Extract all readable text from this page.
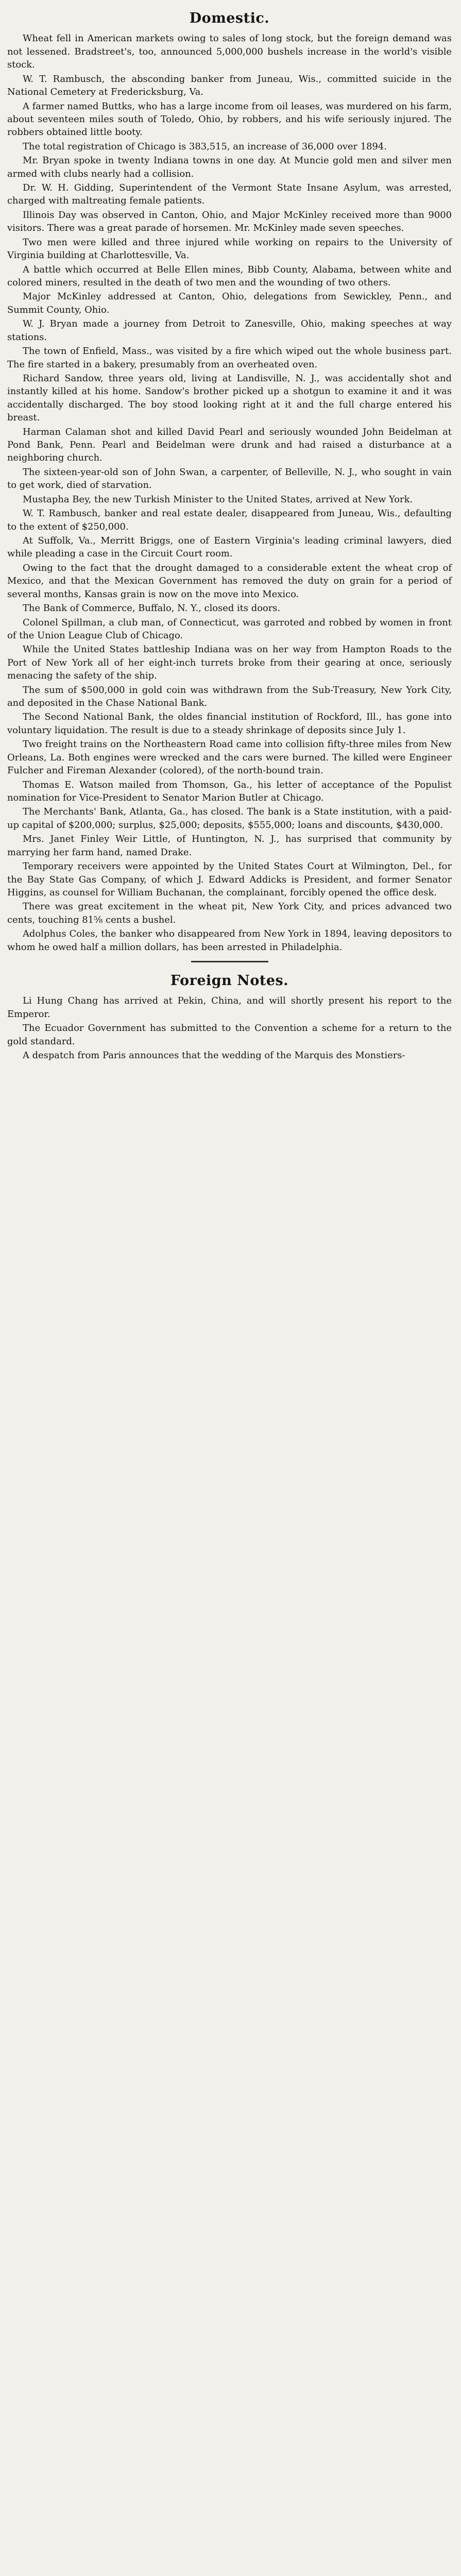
Domestic.

Wheat fell in American markets owing to sales of long stock, but the foreign demand was not lessened. Bradstreet's, too, announced 5,000,000 bushels increase in the world's visible stock.

W. T. Rambusch, the absconding banker from Juneau, Wis., committed suicide in the National Cemetery at Fredericksburg, Va.

A farmer named Buttks, who has a large income from oil leases, was murdered on his farm, about seventeen miles south of Toledo, Ohio, by robbers, and his wife seriously injured. The robbers obtained little booty.

The total registration of Chicago is 383,515, an increase of 36,000 over 1894.

Mr. Bryan spoke in twenty Indiana towns in one day. At Muncie gold men and silver men armed with clubs nearly had a collision.

Dr. W. H. Gidding, Superintendent of the Vermont State Insane Asylum, was arrested, charged with maltreating female patients.

Illinois Day was observed in Canton, Ohio, and Major McKinley received more than 9000 visitors. There was a great parade of horsemen. Mr. McKinley made seven speeches.

Two men were killed and three injured while working on repairs to the University of Virginia building at Charlottesville, Va.

A battle which occurred at Belle Ellen mines, Bibb County, Alabama, between white and colored miners, resulted in the death of two men and the wounding of two others.

Major McKinley addressed at Canton, Ohio, delegations from Sewickley, Penn., and Summit County, Ohio.

W. J. Bryan made a journey from Detroit to Zanesville, Ohio, making speeches at way stations.

The town of Enfield, Mass., was visited by a fire which wiped out the whole business part. The fire started in a bakery, presumably from an overheated oven.

Richard Sandow, three years old, living at Landisville, N. J., was accidentally shot and instantly killed at his home. Sandow's brother picked up a shotgun to examine it and it was accidentally discharged. The boy stood looking right at it and the full charge entered his breast.

Harman Calaman shot and killed David Pearl and seriously wounded John Beidelman at Pond Bank, Penn. Pearl and Beidelman were drunk and had raised a disturbance at a neighboring church.

The sixteen-year-old son of John Swan, a carpenter, of Belleville, N. J., who sought in vain to get work, died of starvation.

Mustapha Bey, the new Turkish Minister to the United States, arrived at New York.

W. T. Rambusch, banker and real estate dealer, disappeared from Juneau, Wis., defaulting to the extent of $250,000.

At Suffolk, Va., Merritt Briggs, one of Eastern Virginia's leading criminal lawyers, died while pleading a case in the Circuit Court room.

Owing to the fact that the drought damaged to a considerable extent the wheat crop of Mexico, and that the Mexican Government has removed the duty on grain for a period of several months, Kansas grain is now on the move into Mexico.

The Bank of Commerce, Buffalo, N. Y., closed its doors.

Colonel Spillman, a club man, of Connecticut, was garroted and robbed by women in front of the Union League Club of Chicago.

While the United States battleship Indiana was on her way from Hampton Roads to the Port of New York all of her eight-inch turrets broke from their gearing at once, seriously menacing the safety of the ship.

The sum of $500,000 in gold coin was withdrawn from the Sub-Treasury, New York City, and deposited in the Chase National Bank.

The Second National Bank, the oldes financial institution of Rockford, Ill., has gone into voluntary liquidation. The result is due to a steady shrinkage of deposits since July 1.

Two freight trains on the Northeastern Road came into collision fifty-three miles from New Orleans, La. Both engines were wrecked and the cars were burned. The killed were Engineer Fulcher and Fireman Alexander (colored), of the north-bound train.

Thomas E. Watson mailed from Thomson, Ga., his letter of acceptance of the Populist nomination for Vice-President to Senator Marion Butler at Chicago.

The Merchants' Bank, Atlanta, Ga., has closed. The bank is a State institution, with a paid-up capital of $200,000; surplus, $25,000; deposits, $555,000; loans and discounts, $430,000.

Mrs. Janet Finley Weir Little, of Huntington, N. J., has surprised that community by marrying her farm hand, named Drake.

Temporary receivers were appointed by the United States Court at Wilmington, Del., for the Bay State Gas Company, of which J. Edward Addicks is President, and former Senator Higgins, as counsel for William Buchanan, the complainant, forcibly opened the office desk.

There was great excitement in the wheat pit, New York City, and prices advanced two cents, touching 81⅝ cents a bushel.

Adolphus Coles, the banker who disappeared from New York in 1894, leaving depositors to whom he owed half a million dollars, has been arrested in Philadelphia.

Foreign Notes.

Li Hung Chang has arrived at Pekin, China, and will shortly present his report to the Emperor.

The Ecuador Government has submitted to the Convention a scheme for a return to the gold standard.

A despatch from Paris announces that the wedding of the Marquis des Monstiers-
